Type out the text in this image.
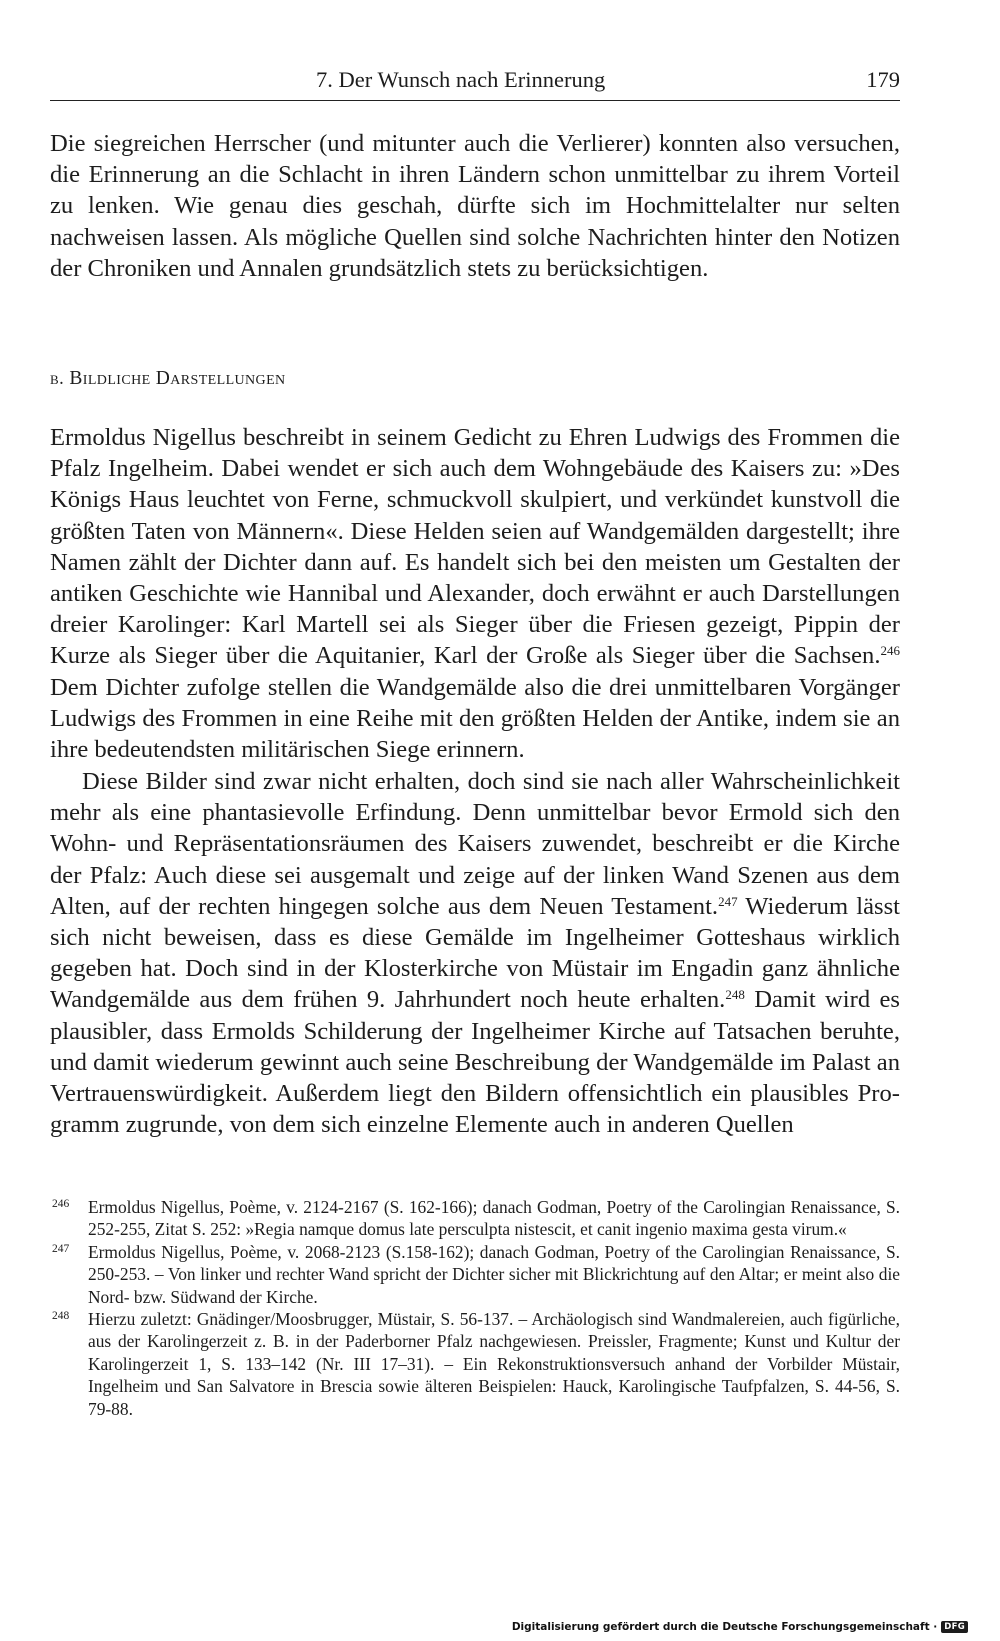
7. Der Wunsch nach Erinnerung	179

Die siegreichen Herrscher (und mitunter auch die Verlierer) konnten also versuchen, die Erinnerung an die Schlacht in ihren Ländern schon unmittelbar zu ihrem Vorteil zu lenken. Wie genau dies geschah, dürfte sich im Hochmittelalter nur selten nachweisen lassen. Als mögliche Quellen sind solche Nachrichten hinter den Notizen der Chroniken und Annalen grundsätzlich stets zu berücksichtigen.

b. Bildliche Darstellungen

Ermoldus Nigellus beschreibt in seinem Gedicht zu Ehren Ludwigs des Frommen die Pfalz Ingelheim. Dabei wendet er sich auch dem Wohngebäude des Kaisers zu: »Des Königs Haus leuchtet von Ferne, schmuckvoll skulpiert, und verkündet kunstvoll die größten Taten von Männern«. Diese Helden seien auf Wandgemälden dargestellt; ihre Namen zählt der Dichter dann auf. Es handelt sich bei den meisten um Gestalten der antiken Geschichte wie Hannibal und Alexander, doch erwähnt er auch Darstellungen dreier Karolinger: Karl Martell sei als Sieger über die Friesen gezeigt, Pippin der Kurze als Sieger über die Aquitanier, Karl der Große als Sieger über die Sachsen.$^{246}$ Dem Dichter zufolge stellen die Wandgemälde also die drei unmittelbaren Vorgänger Ludwigs des Frommen in eine Reihe mit den größten Helden der Antike, indem sie an ihre bedeutendsten militärischen Siege erinnern.

Diese Bilder sind zwar nicht erhalten, doch sind sie nach aller Wahrscheinlichkeit mehr als eine phantasievolle Erfindung. Denn unmittelbar bevor Ermold sich den Wohn- und Repräsentationsräumen des Kaisers zuwendet, beschreibt er die Kirche der Pfalz: Auch diese sei ausgemalt und zeige auf der linken Wand Szenen aus dem Alten, auf der rechten hingegen solche aus dem Neuen Testament.$^{247}$ Wiederum lässt sich nicht beweisen, dass es diese Gemälde im Ingelheimer Gotteshaus wirklich gegeben hat. Doch sind in der Klosterkirche von Müstair im Engadin ganz ähnliche Wandgemälde aus dem frühen 9. Jahrhundert noch heute erhalten.$^{248}$ Damit wird es plausibler, dass Ermolds Schilderung der Ingelheimer Kirche auf Tatsachen beruhte, und damit wiederum gewinnt auch seine Beschreibung der Wandgemälde im Palast an Vertrauenswürdigkeit. Außerdem liegt den Bildern offensichtlich ein plausibles Programm zugrunde, von dem sich einzelne Elemente auch in anderen Quellen

246 Ermoldus Nigellus, Poème, v. 2124-2167 (S. 162-166); danach Godman, Poetry of the Carolingian Renaissance, S. 252-255, Zitat S. 252: »Regia namque domus late persculpta nistescit, et canit ingenio maxima gesta virum.«

247 Ermoldus Nigellus, Poème, v. 2068-2123 (S.158-162); danach Godman, Poetry of the Carolingian Renaissance, S. 250-253. – Von linker und rechter Wand spricht der Dichter sicher mit Blickrichtung auf den Altar; er meint also die Nord- bzw. Südwand der Kirche.

248 Hierzu zuletzt: Gnädinger/Moosbrugger, Müstair, S. 56-137. – Archäologisch sind Wandmalereien, auch figürliche, aus der Karolingerzeit z. B. in der Paderborner Pfalz nachgewiesen. Preissler, Fragmente; Kunst und Kultur der Karolingerzeit 1, S. 133–142 (Nr. III 17–31). – Ein Rekonstruktionsversuch anhand der Vorbilder Müstair, Ingelheim und San Salvatore in Brescia sowie älteren Beispielen: Hauck, Karolingische Taufpfalzen, S. 44-56, S. 79-88.

Digitalisierung gefördert durch die Deutsche Forschungsgemeinschaft · DFG
